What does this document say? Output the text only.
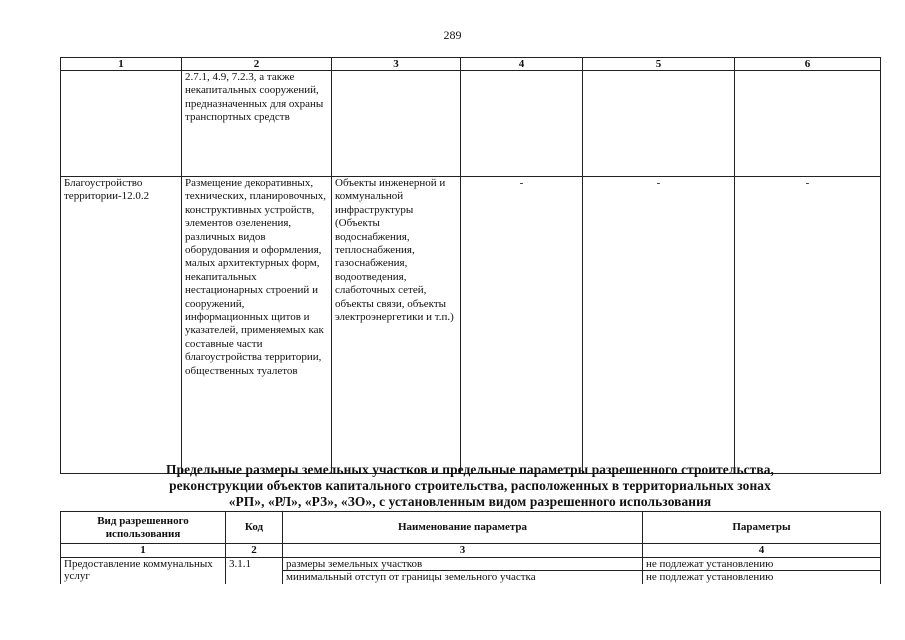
289
1	2	3	4	5	6
	2.7.1, 4.9, 7.2.3, а также некапитальных сооружений, предназначенных для охраны транспортных средств				
Благоустройство территории-12.0.2	Размещение декоративных, технических, планировочных, конструктивных устройств, элементов озеленения, различных видов оборудования и оформления, малых архитектурных форм, некапитальных нестационарных строений и сооружений, информационных щитов и указателей, применяемых как составные части благоустройства территории, общественных туалетов	Объекты инженерной и коммунальной инфраструктуры (Объекты водоснабжения, теплоснабжения, газоснабжения, водоотведения, слаботочных сетей, объекты связи, объекты электроэнергетики и т.п.)	-	-	-
Предельные размеры земельных участков и предельные параметры разрешенного строительства,
реконструкции объектов капитального строительства, расположенных в территориальных зонах
«РП», «РЛ», «РЗ», «ЗО», с установленным видом разрешенного использования
Вид разрешенного использования	Код	Наименование параметра	Параметры
1	2	3	4
Предоставление коммунальных услуг	3.1.1	размеры земельных участков	не подлежат установлению
		минимальный отступ от границы земельного участка	не подлежат установлению
